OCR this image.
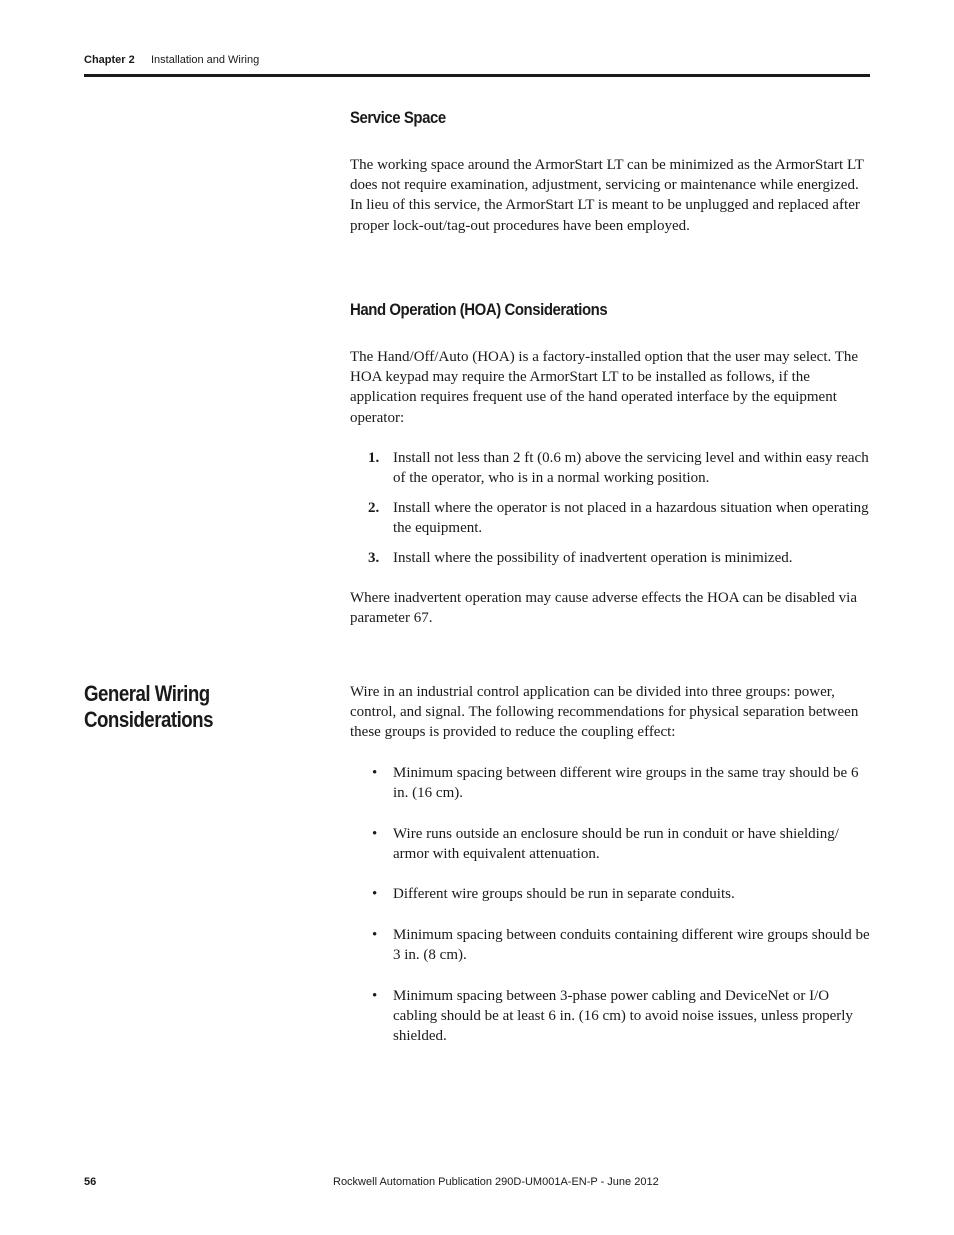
Chapter 2 Installation and Wiring
Service Space
The working space around the ArmorStart LT can be minimized as the ArmorStart LT does not require examination, adjustment, servicing or maintenance while energized. In lieu of this service, the ArmorStart LT is meant to be unplugged and replaced after proper lock-out/tag-out procedures have been employed.
Hand Operation (HOA) Considerations
The Hand/Off/Auto (HOA) is a factory-installed option that the user may select. The HOA keypad may require the ArmorStart LT to be installed as follows, if the application requires frequent use of the hand operated interface by the equipment operator:
1. Install not less than 2 ft (0.6 m) above the servicing level and within easy reach of the operator, who is in a normal working position.
2. Install where the operator is not placed in a hazardous situation when operating the equipment.
3. Install where the possibility of inadvertent operation is minimized.
Where inadvertent operation may cause adverse effects the HOA can be disabled via parameter 67.
General Wiring
Considerations
Wire in an industrial control application can be divided into three groups: power, control, and signal. The following recommendations for physical separation between these groups is provided to reduce the coupling effect:
• Minimum spacing between different wire groups in the same tray should be 6 in. (16 cm).
• Wire runs outside an enclosure should be run in conduit or have shielding/ armor with equivalent attenuation.
• Different wire groups should be run in separate conduits.
• Minimum spacing between conduits containing different wire groups should be 3 in. (8 cm).
• Minimum spacing between 3-phase power cabling and DeviceNet or I/O cabling should be at least 6 in. (16 cm) to avoid noise issues, unless properly shielded.
56	Rockwell Automation Publication 290D-UM001A-EN-P - June 2012
